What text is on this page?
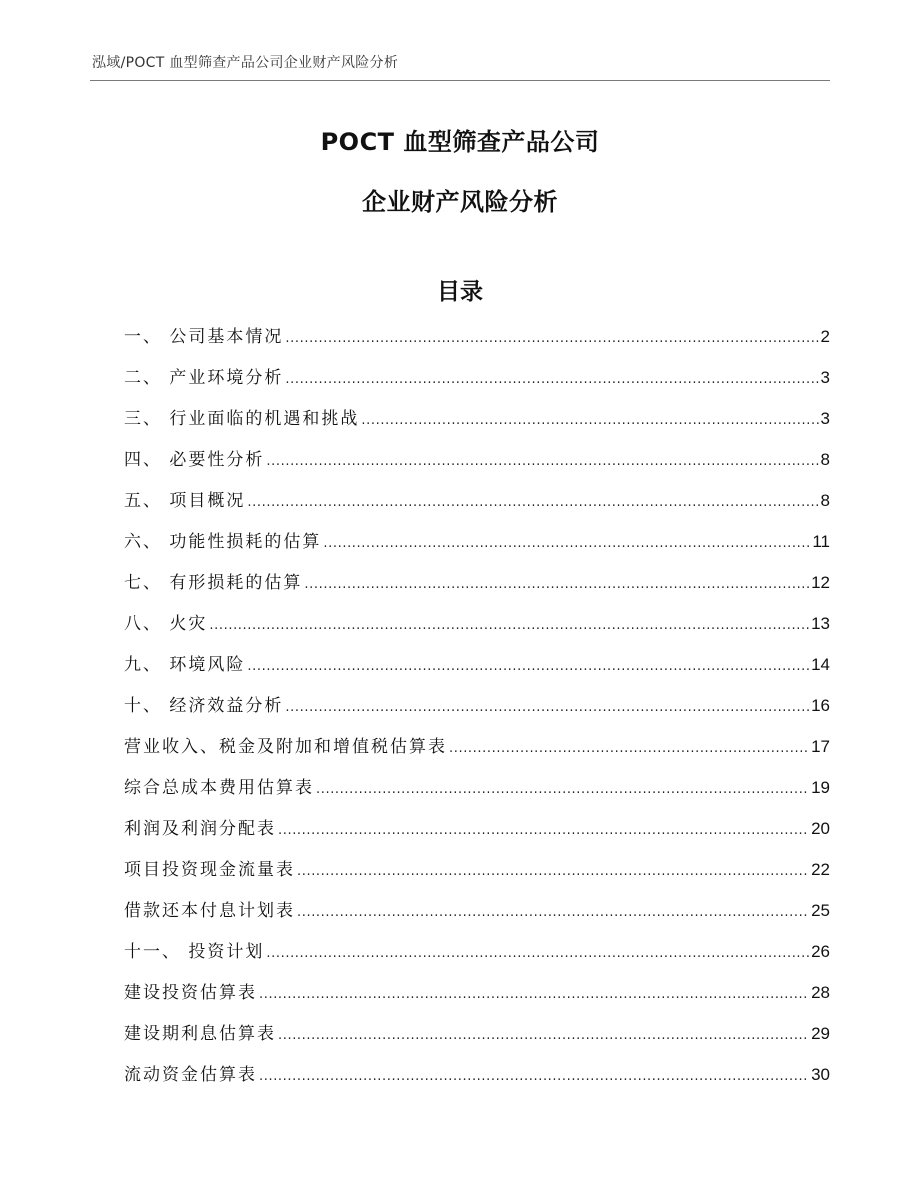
泓域/POCT 血型筛查产品公司企业财产风险分析
POCT 血型筛查产品公司
企业财产风险分析
目录
一、 公司基本情况 .....	2
二、 产业环境分析 .....	3
三、 行业面临的机遇和挑战 .....	3
四、 必要性分析 .....	8
五、 项目概况 .....	8
六、 功能性损耗的估算 .....	11
七、 有形损耗的估算 .....	12
八、 火灾 .....	13
九、 环境风险 .....	14
十、 经济效益分析 .....	16
营业收入、税金及附加和增值税估算表 .....	17
综合总成本费用估算表 .....	19
利润及利润分配表 .....	20
项目投资现金流量表 .....	22
借款还本付息计划表 .....	25
十一、 投资计划 .....	26
建设投资估算表 .....	28
建设期利息估算表 .....	29
流动资金估算表 .....	30
